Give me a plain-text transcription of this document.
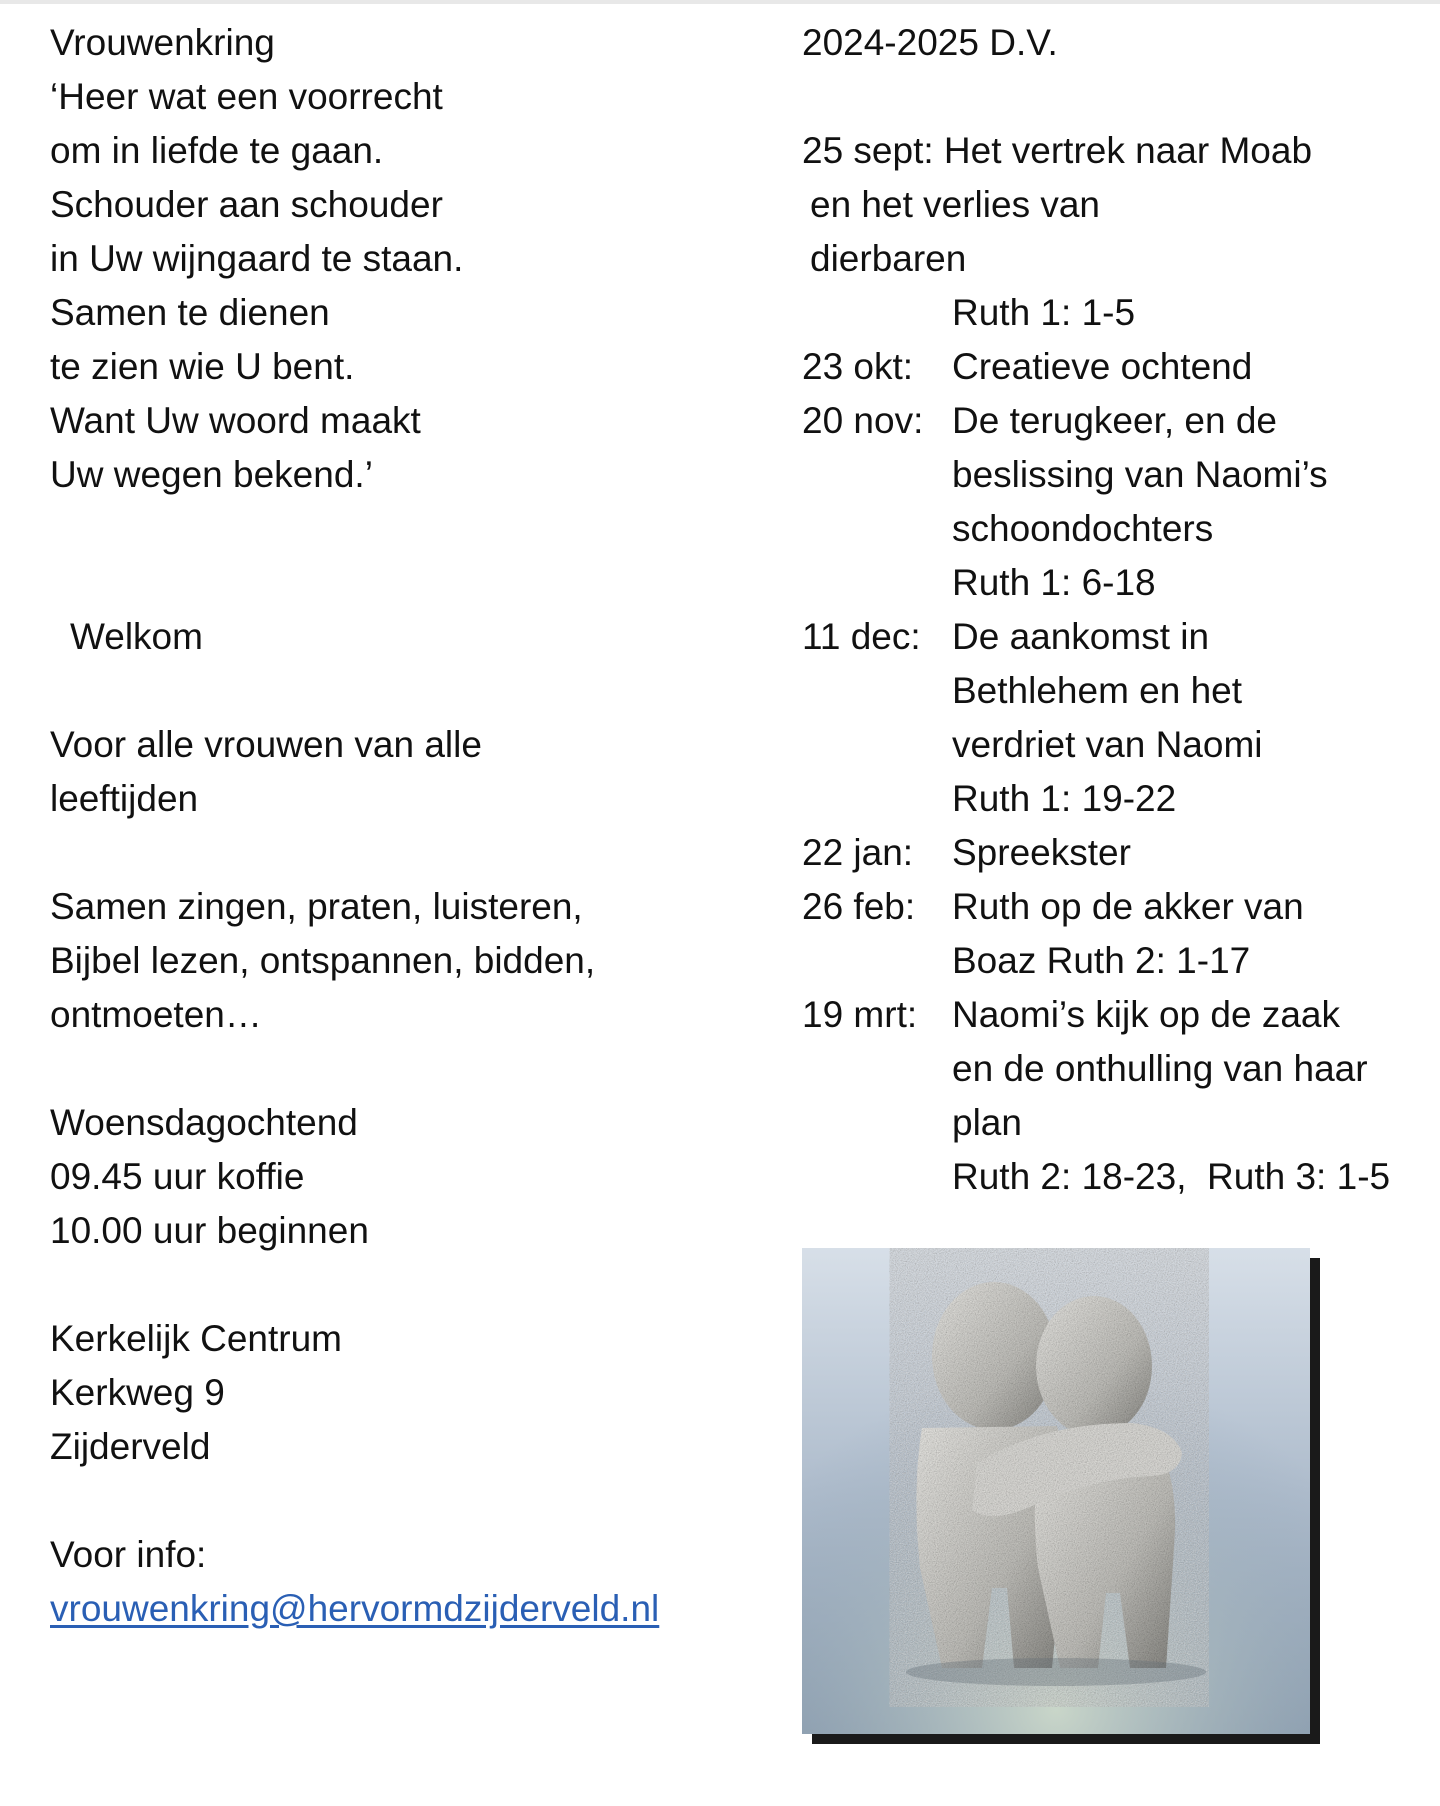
Vrouwenkring
‘Heer wat een voorrecht
om in liefde te gaan.
Schouder aan schouder
in Uw wijngaard te staan.
Samen te dienen
te zien wie U bent.
Want Uw woord maakt
Uw wegen bekend.’
Welkom
Voor alle vrouwen van alle
leeftijden
Samen zingen, praten, luisteren,
Bijbel lezen, ontspannen, bidden,
ontmoeten…
Woensdagochtend
09.45 uur koffie
10.00 uur beginnen
Kerkelijk Centrum
Kerkweg 9
Zijderveld
Voor info:
vrouwenkring@hervormdzijderveld.nl
2024-2025 D.V.
25 sept: Het vertrek naar Moab
en het verlies van
dierbaren
Ruth 1: 1-5
23 okt:	Creatieve ochtend
20 nov: De terugkeer, en de
beslissing van Naomi’s
schoondochters
Ruth 1: 6-18
11 dec: De aankomst in
Bethlehem en het
verdriet van Naomi
Ruth 1: 19-22
22 jan:	Spreekster
26 feb: Ruth op de akker van
Boaz Ruth 2: 1-17
19 mrt: Naomi’s kijk op de zaak
en de onthulling van haar
plan
Ruth 2: 18-23,  Ruth 3: 1-5
